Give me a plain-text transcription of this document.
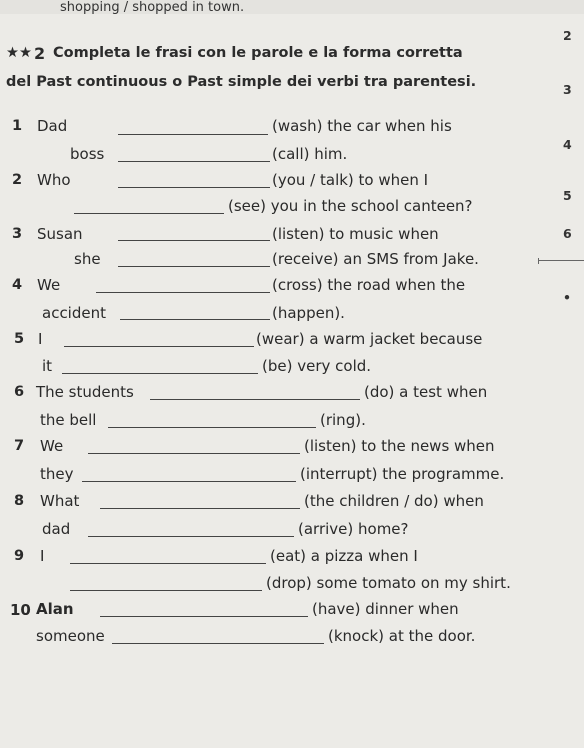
shopping / shopped in town.
★★ 2 Completa le frasi con le parole e la forma corretta
del Past continuous o Past simple dei verbi tra parentesi.
2
3
4
5
6
•
1 Dad	(wash) the car when his
boss	(call) him.
2 Who	(you / talk) to when I
(see) you in the school canteen?
3 Susan	(listen) to music when
she	(receive) an SMS from Jake.
4 We	(cross) the road when the
accident	(happen).
5 I	(wear) a warm jacket because
it	(be) very cold.
6 The students	(do) a test when
the bell	(ring).
7 We	(listen) to the news when
they	(interrupt) the programme.
8 What	(the children / do) when
dad	(arrive) home?
9 I	(eat) a pizza when I
(drop) some tomato on my shirt.
10 Alan	(have) dinner when
someone	(knock) at the door.
